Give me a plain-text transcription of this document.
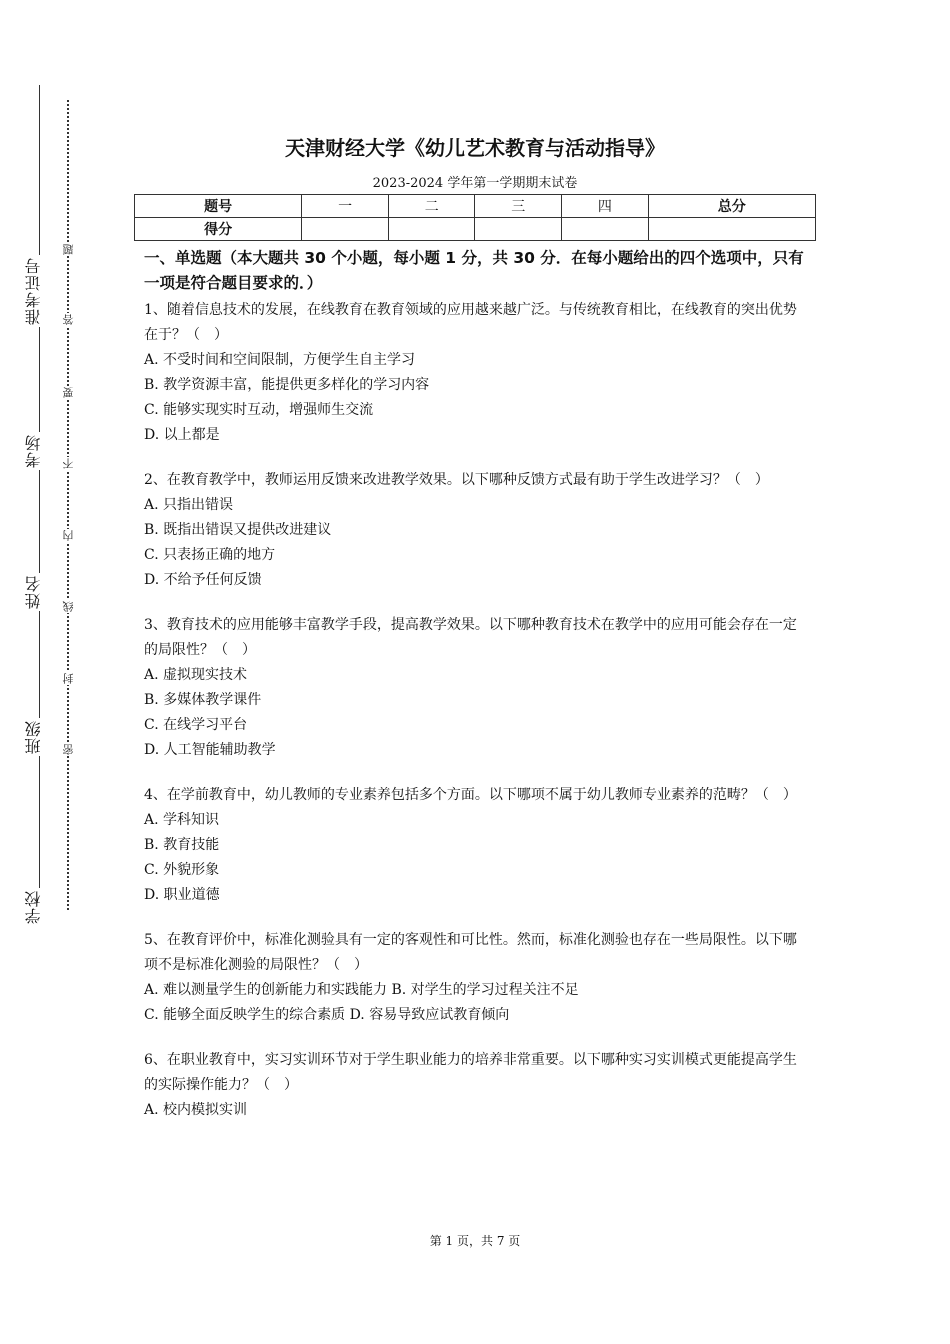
准考证号
考场
姓名
班级
学校
题
答
要
不
内
线
封
密
天津财经大学《幼儿艺术教育与活动指导》
2023-2024 学年第一学期期末试卷
题号	一	二	三	四	总分
得分					
一、单选题（本大题共 30 个小题，每小题 1 分，共 30 分．在每小题给出的四个选项中，只有一项是符合题目要求的．）
1、随着信息技术的发展，在线教育在教育领域的应用越来越广泛。与传统教育相比，在线教育的突出优势在于？（　）
A. 不受时间和空间限制，方便学生自主学习
B. 教学资源丰富，能提供更多样化的学习内容
C. 能够实现实时互动，增强师生交流
D. 以上都是
2、在教育教学中，教师运用反馈来改进教学效果。以下哪种反馈方式最有助于学生改进学习？（　）
A. 只指出错误
B. 既指出错误又提供改进建议
C. 只表扬正确的地方
D. 不给予任何反馈
3、教育技术的应用能够丰富教学手段，提高教学效果。以下哪种教育技术在教学中的应用可能会存在一定的局限性？（　）
A. 虚拟现实技术
B. 多媒体教学课件
C. 在线学习平台
D. 人工智能辅助教学
4、在学前教育中，幼儿教师的专业素养包括多个方面。以下哪项不属于幼儿教师专业素养的范畴？（　）
A. 学科知识
B. 教育技能
C. 外貌形象
D. 职业道德
5、在教育评价中，标准化测验具有一定的客观性和可比性。然而，标准化测验也存在一些局限性。以下哪项不是标准化测验的局限性？（　）
A. 难以测量学生的创新能力和实践能力 B. 对学生的学习过程关注不足
C. 能够全面反映学生的综合素质 D. 容易导致应试教育倾向
6、在职业教育中，实习实训环节对于学生职业能力的培养非常重要。以下哪种实习实训模式更能提高学生的实际操作能力？（　）
A. 校内模拟实训
第 1 页，共 7 页
